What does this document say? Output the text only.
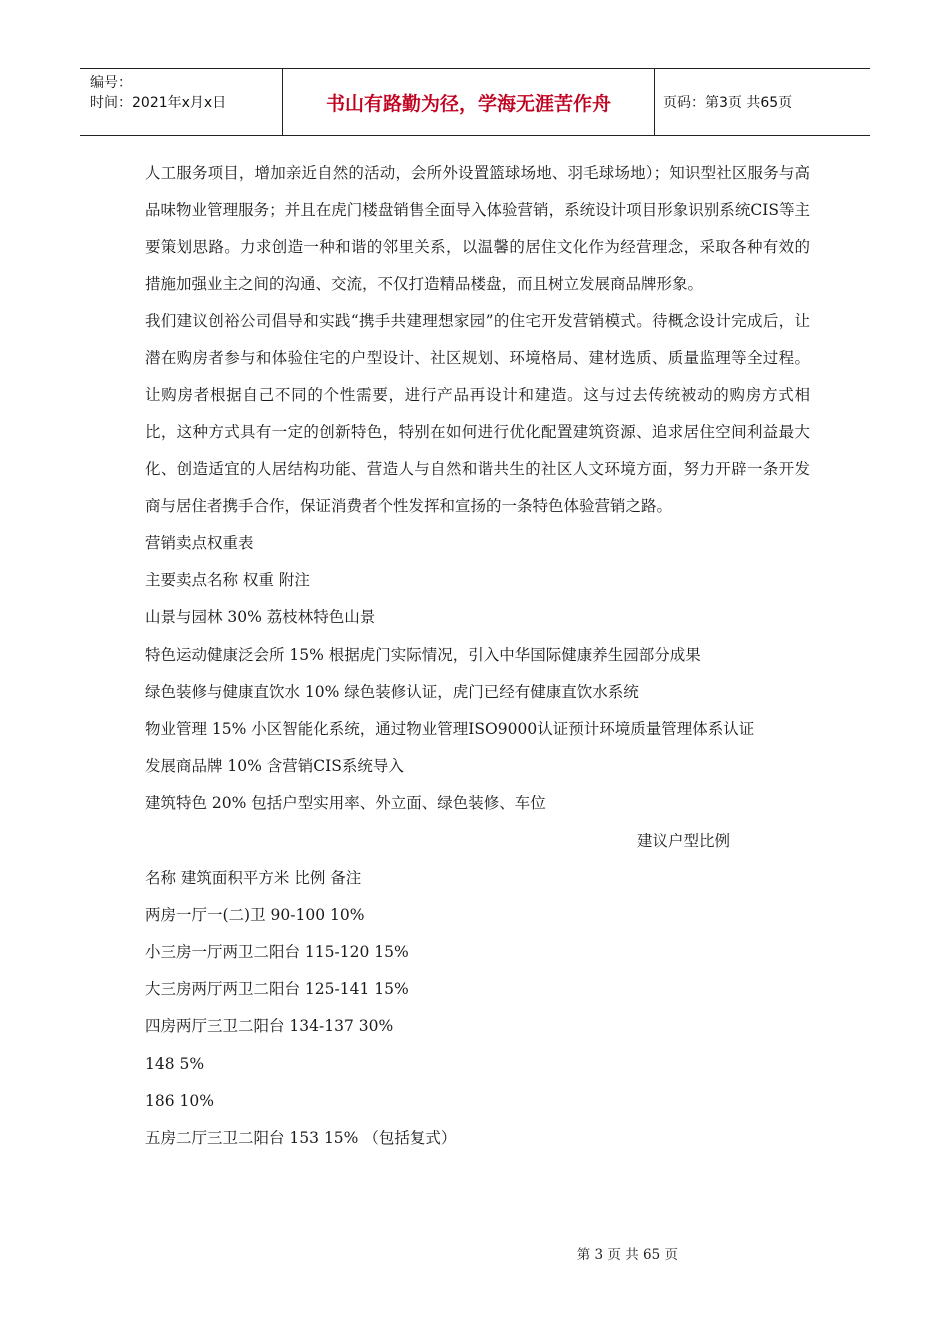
编号：
时间：2021年x月x日	书山有路勤为径，学海无涯苦作舟	页码：第3页 共65页

人工服务项目，增加亲近自然的活动，会所外设置篮球场地、羽毛球场地）；知识型社区服务与高品味物业管理服务；并且在虎门楼盘销售全面导入体验营销，系统设计项目形象识别系统CIS等主要策划思路。力求创造一种和谐的邻里关系，以温馨的居住文化作为经营理念，采取各种有效的措施加强业主之间的沟通、交流，不仅打造精品楼盘，而且树立发展商品牌形象。

我们建议创裕公司倡导和实践“携手共建理想家园”的住宅开发营销模式。待概念设计完成后，让潜在购房者参与和体验住宅的户型设计、社区规划、环境格局、建材选质、质量监理等全过程。让购房者根据自己不同的个性需要，进行产品再设计和建造。这与过去传统被动的购房方式相比，这种方式具有一定的创新特色，特别在如何进行优化配置建筑资源、追求居住空间利益最大化、创造适宜的人居结构功能、营造人与自然和谐共生的社区人文环境方面，努力开辟一条开发商与居住者携手合作，保证消费者个性发挥和宣扬的一条特色体验营销之路。

营销卖点权重表
主要卖点名称 权重 附注
山景与园林 30% 荔枝林特色山景
特色运动健康泛会所 15% 根据虎门实际情况，引入中华国际健康养生园部分成果
绿色装修与健康直饮水 10% 绿色装修认证，虎门已经有健康直饮水系统
物业管理 15% 小区智能化系统，通过物业管理ISO9000认证预计环境质量管理体系认证
发展商品牌 10% 含营销CIS系统导入
建筑特色 20% 包括户型实用率、外立面、绿色装修、车位
建议户型比例
名称 建筑面积平方米 比例 备注
两房一厅一(二)卫 90-100 10%
小三房一厅两卫二阳台 115-120 15%
大三房两厅两卫二阳台 125-141 15%
四房两厅三卫二阳台 134-137 30%
148 5%
186 10%
五房二厅三卫二阳台 153 15% （包括复式）
第 3 页 共 65 页
